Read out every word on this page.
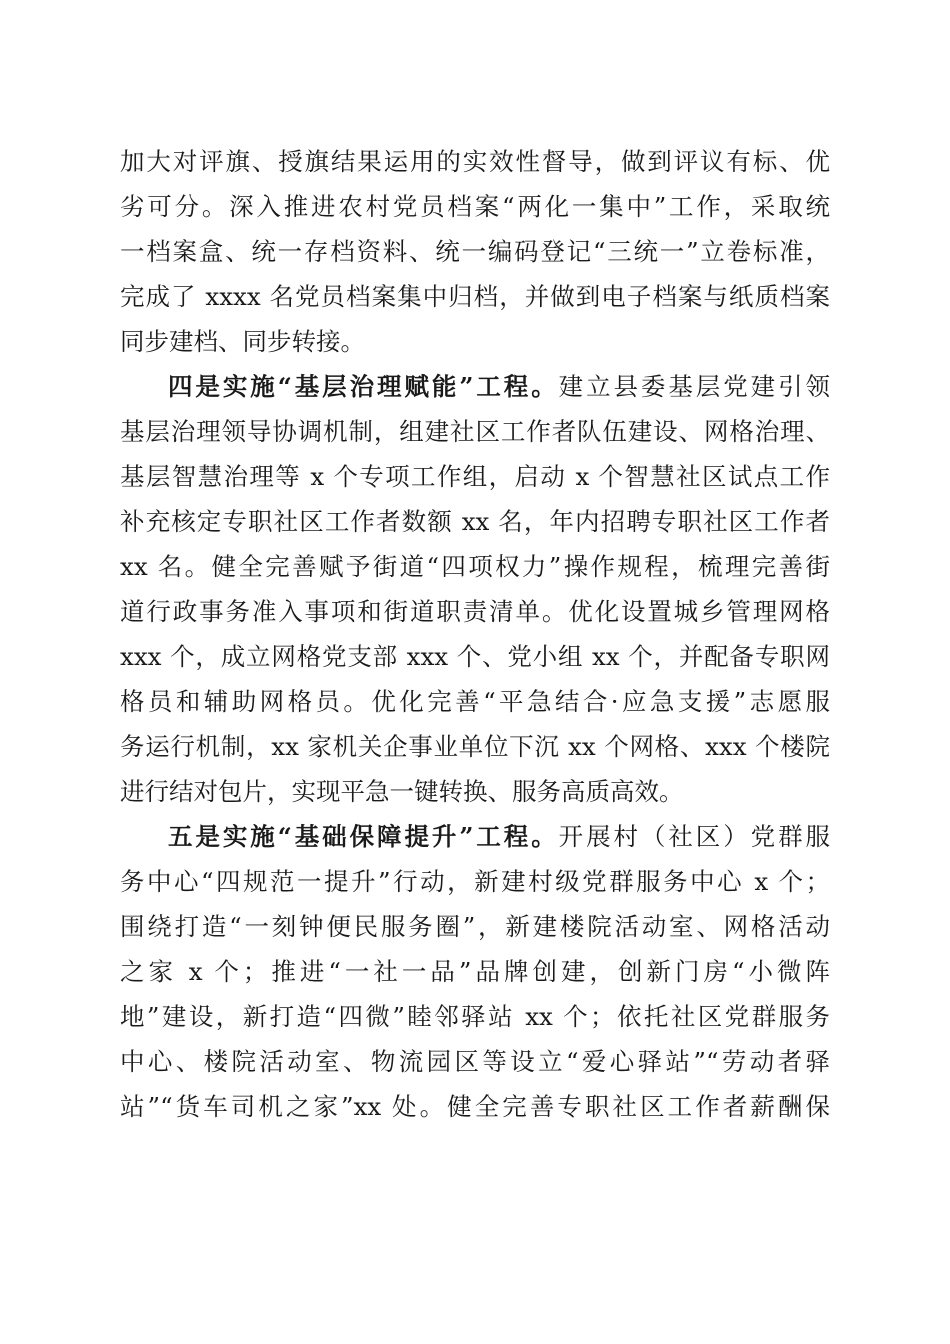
加大对评旗、授旗结果运用的实效性督导，做到评议有标、优
劣可分。深入推进农村党员档案“两化一集中”工作，采取统
一档案盒、统一存档资料、统一编码登记“三统一”立卷标准，
完成了 xxxx 名党员档案集中归档，并做到电子档案与纸质档案
同步建档、同步转接。
四是实施“基层治理赋能”工程。建立县委基层党建引领
基层治理领导协调机制，组建社区工作者队伍建设、网格治理、
基层智慧治理等 x 个专项工作组，启动 x 个智慧社区试点工作
补充核定专职社区工作者数额 xx 名，年内招聘专职社区工作者
xx 名。健全完善赋予街道“四项权力”操作规程，梳理完善街
道行政事务准入事项和街道职责清单。优化设置城乡管理网格
xxx 个，成立网格党支部 xxx 个、党小组 xx 个，并配备专职网
格员和辅助网格员。优化完善“平急结合·应急支援”志愿服
务运行机制，xx 家机关企事业单位下沉 xx 个网格、xxx 个楼院
进行结对包片，实现平急一键转换、服务高质高效。
五是实施“基础保障提升”工程。开展村（社区）党群服
务中心“四规范一提升”行动，新建村级党群服务中心 x 个；
围绕打造“一刻钟便民服务圈”，新建楼院活动室、网格活动
之家 x 个；推进“一社一品”品牌创建，创新门房“小微阵
地”建设，新打造“四微”睦邻驿站 xx 个；依托社区党群服务
中心、楼院活动室、物流园区等设立“爱心驿站”“劳动者驿
站”“货车司机之家”xx 处。健全完善专职社区工作者薪酬保
